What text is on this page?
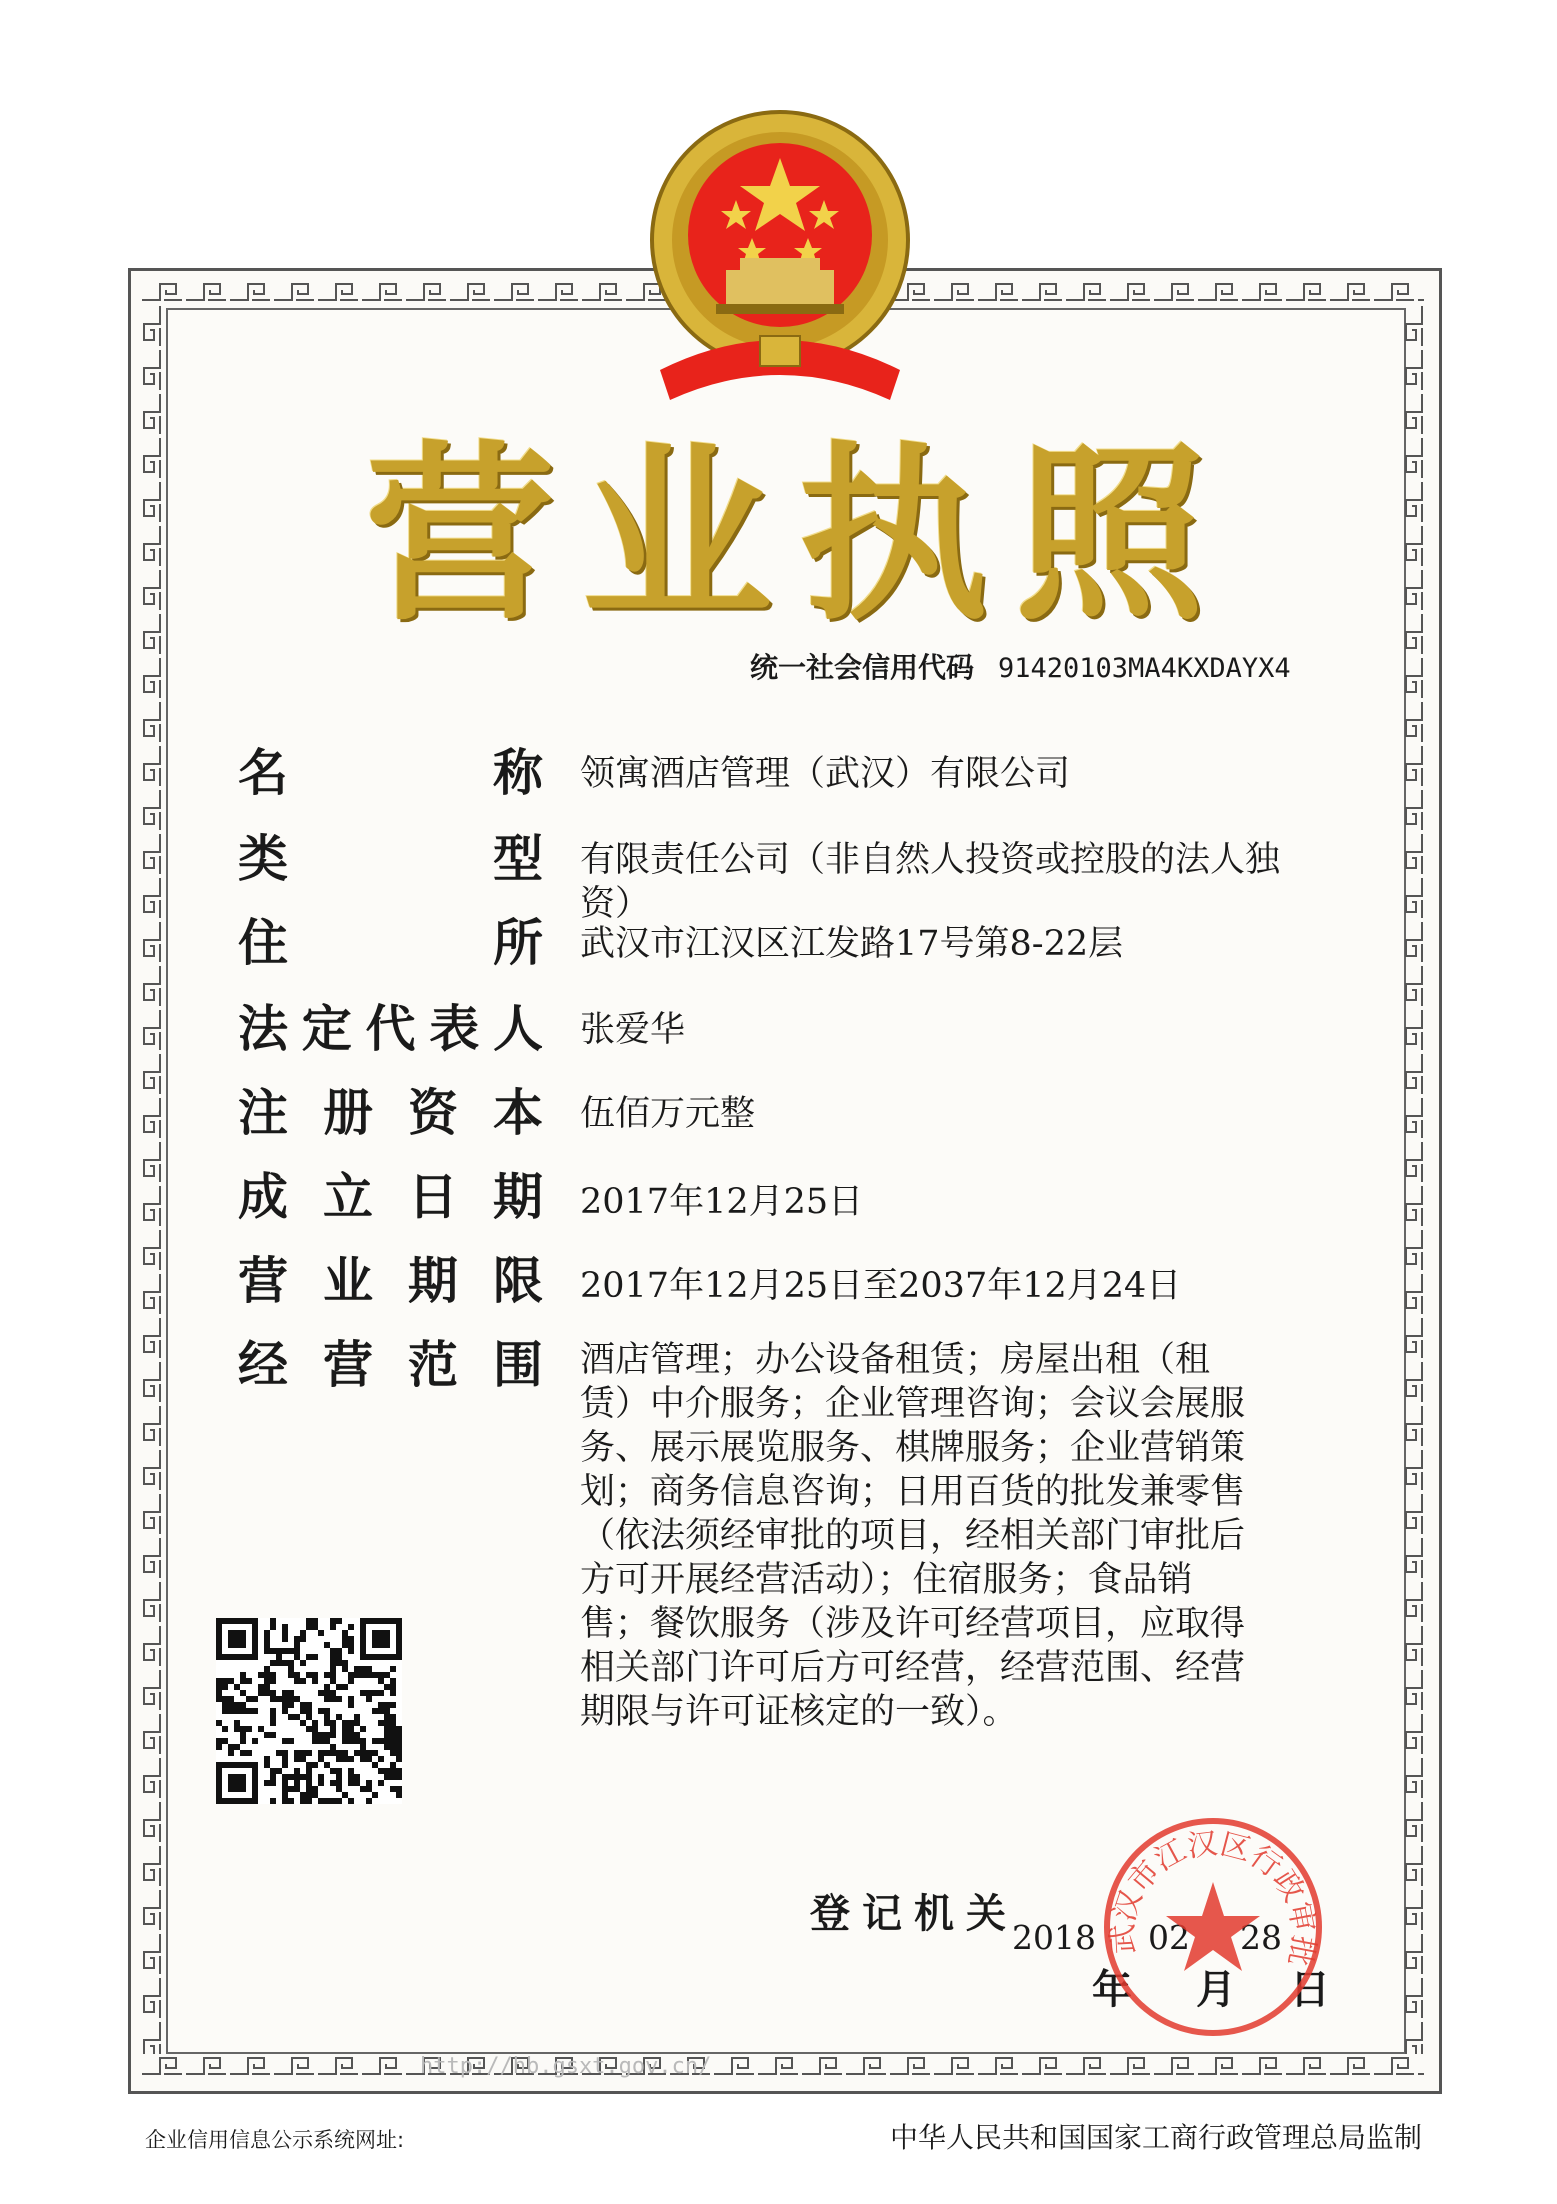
营 业 执 照
统一社会信用代码 91420103MA4KXDAYX4
名	称 领寓酒店管理（武汉）有限公司
类	型 有限责任公司（非自然人投资或控股的法人独资）
住	所 武汉市江汉区江发路17号第8-22层
法 定 代 表 人 张爱华
注 册 资 本 伍佰万元整
成 立 日 期 2017年12月25日
营 业 期 限 2017年12月25日至2037年12月24日
经 营 范 围 酒店管理；办公设备租赁；房屋出租（租
赁）中介服务；企业管理咨询；会议会展服
务、展示展览服务、棋牌服务；企业营销策
划；商务信息咨询；日用百货的批发兼零售
（依法须经审批的项目，经相关部门审批后
方可开展经营活动）；住宿服务；食品销
售；餐饮服务（涉及许可经营项目，应取得
相关部门许可后方可经营，经营范围、经营
期限与许可证核定的一致）。
登记机关
2018 02 28
年 月 日
武汉市江汉区行政审批
http://hb.gsxt.gov.cn/
企业信用信息公示系统网址:	中华人民共和国国家工商行政管理总局监制
